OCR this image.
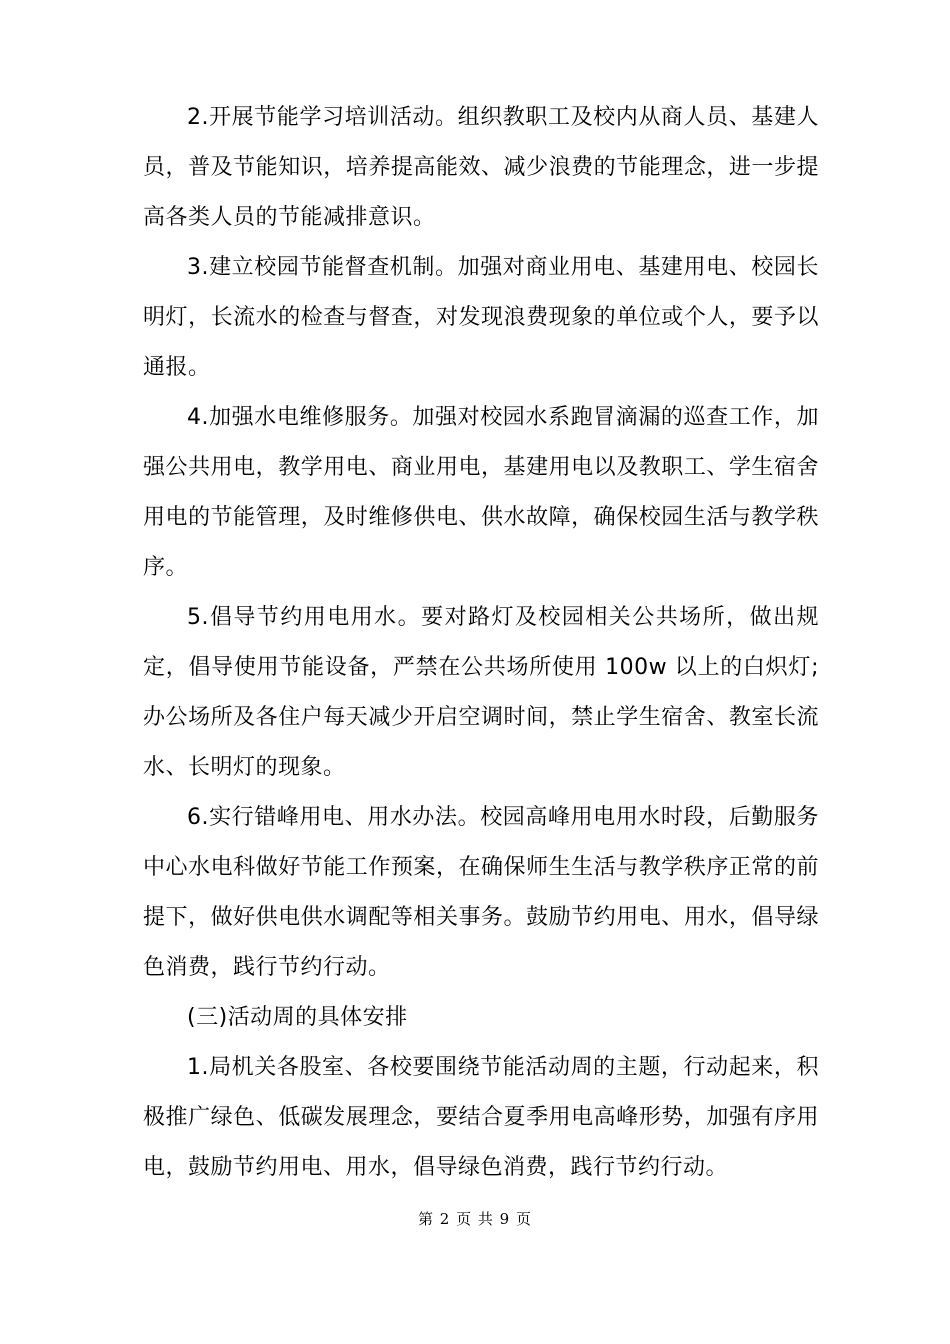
2.开展节能学习培训活动。组织教职工及校内从商人员、基建人员，普及节能知识，培养提高能效、减少浪费的节能理念，进一步提高各类人员的节能减排意识。

3.建立校园节能督查机制。加强对商业用电、基建用电、校园长明灯，长流水的检查与督查，对发现浪费现象的单位或个人，要予以通报。

4.加强水电维修服务。加强对校园水系跑冒滴漏的巡查工作，加强公共用电，教学用电、商业用电，基建用电以及教职工、学生宿舍用电的节能管理，及时维修供电、供水故障，确保校园生活与教学秩序。

5.倡导节约用电用水。要对路灯及校园相关公共场所，做出规定，倡导使用节能设备，严禁在公共场所使用 100w 以上的白炽灯;办公场所及各住户每天减少开启空调时间，禁止学生宿舍、教室长流水、长明灯的现象。

6.实行错峰用电、用水办法。校园高峰用电用水时段，后勤服务中心水电科做好节能工作预案，在确保师生生活与教学秩序正常的前提下，做好供电供水调配等相关事务。鼓励节约用电、用水，倡导绿色消费，践行节约行动。

(三)活动周的具体安排

1.局机关各股室、各校要围绕节能活动周的主题，行动起来，积极推广绿色、低碳发展理念，要结合夏季用电高峰形势，加强有序用电，鼓励节约用电、用水，倡导绿色消费，践行节约行动。

第 2 页 共 9 页
